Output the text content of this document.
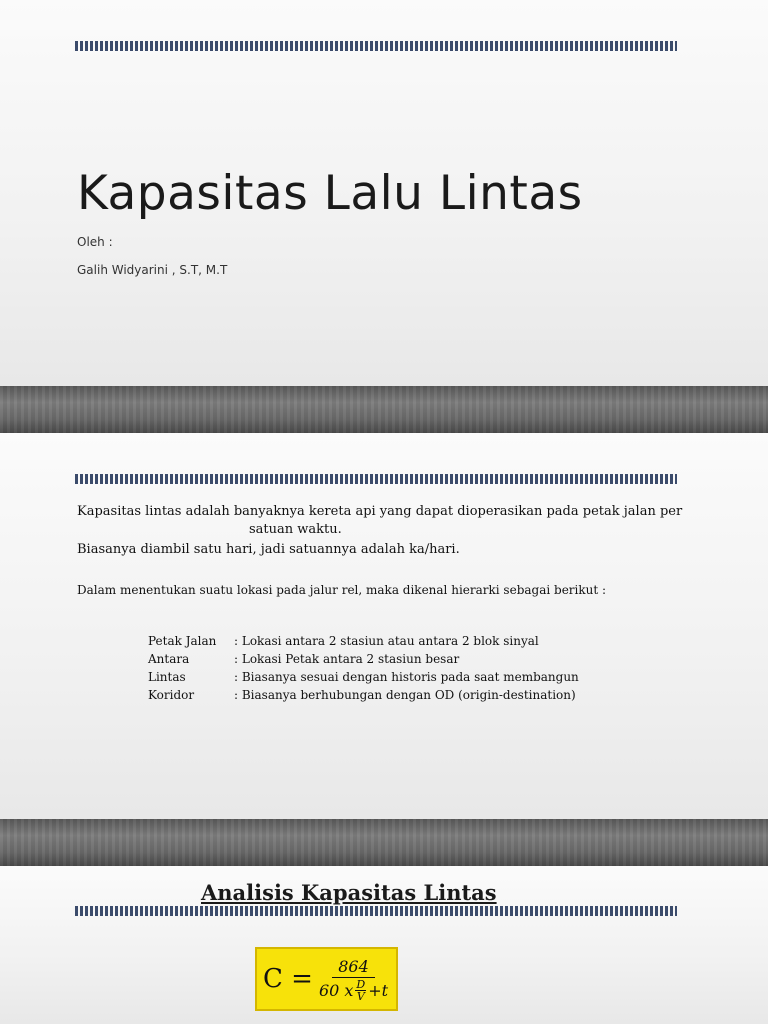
Kapasitas Lalu Lintas
Oleh :
Galih Widyarini , S.T, M.T
Kapasitas lintas adalah banyaknya kereta api yang dapat dioperasikan pada petak jalan per
satuan waktu.
Biasanya diambil satu hari, jadi satuannya adalah ka/hari.
Dalam menentukan suatu lokasi pada jalur rel, maka dikenal hierarki sebagai berikut :
Petak Jalan	: Lokasi antara 2 stasiun atau antara 2 blok sinyal
Antara	: Lokasi Petak antara 2 stasiun besar
Lintas	: Biasanya sesuai dengan historis pada saat membangun
Koridor	: Biasanya berhubungan dengan OD (origin-destination)
Analisis Kapasitas Lintas
$C = \frac{864}{60 x \frac{D}{V} +t}$
